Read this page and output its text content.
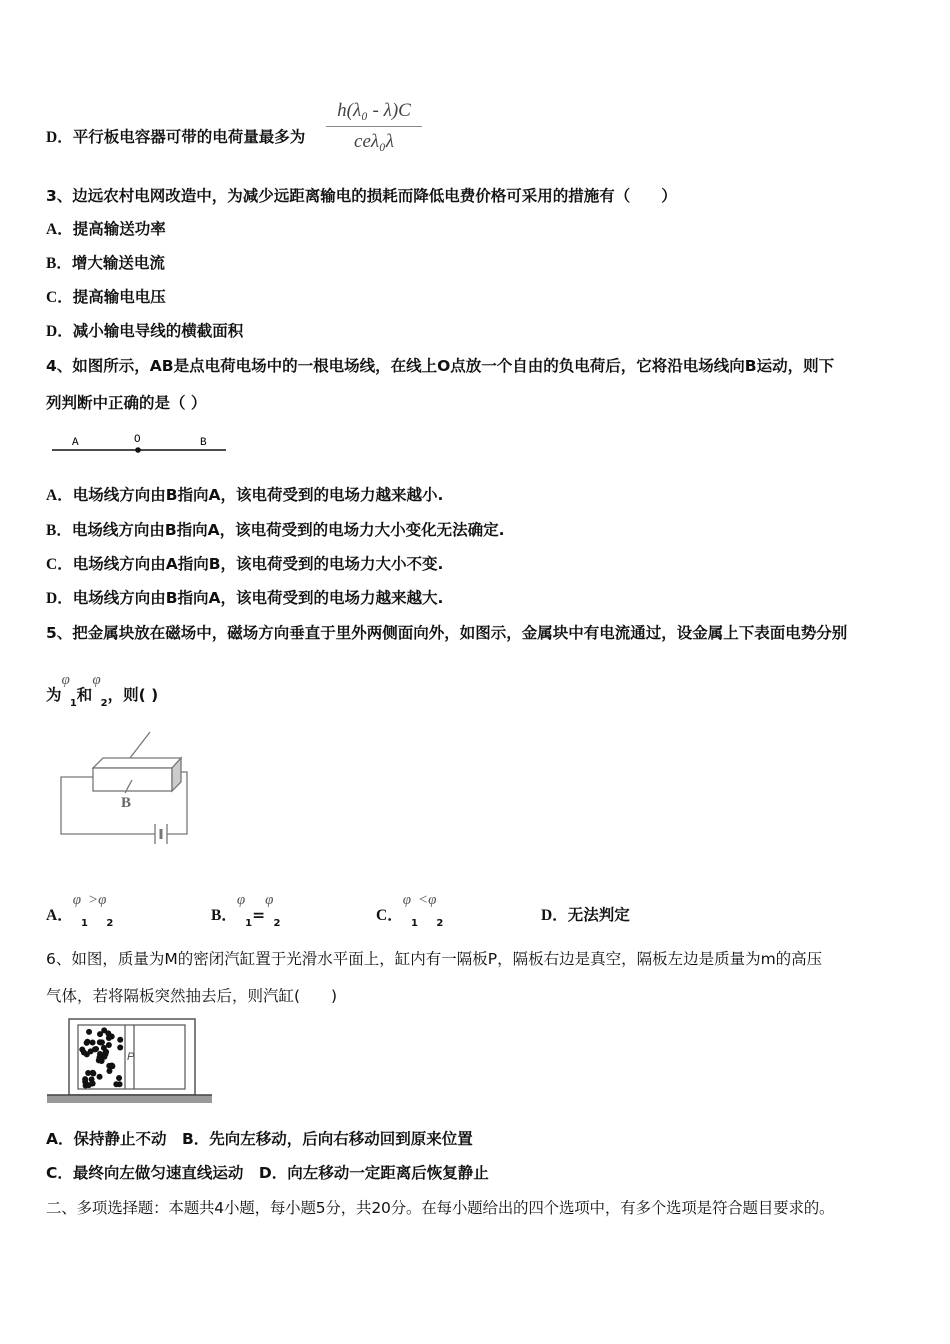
D．平行板电容器可带的电荷量最多为
h(λ₀ - λ)C
ceλ₀λ
3、边远农村电网改造中，为减少远距离输电的损耗而降低电费价格可采用的措施有（　　）
A．提高输送功率
B．增大输送电流
C．提高输电电压
D．减小输电导线的横截面积
4、如图所示，AB是点电荷电场中的一根电场线，在线上O点放一个自由的负电荷后，它将沿电场线向B运动，则下
列判断中正确的是（ ）
A	O	B
A．电场线方向由B指向A，该电荷受到的电场力越来越小.
B．电场线方向由B指向A，该电荷受到的电场力大小变化无法确定.
C．电场线方向由A指向B，该电荷受到的电场力大小不变.
D．电场线方向由B指向A，该电荷受到的电场力越来越大.
5、把金属块放在磁场中，磁场方向垂直于里外两侧面向外，如图示，金属块中有电流通过，设金属上下表面电势分别
为$\varphi_1$和$\varphi_2$，则( )
B
A．$\varphi_1>\varphi_2$	B．$\varphi_1=\varphi_2$	C．$\varphi_1<\varphi_2$	D．无法判定
6、如图，质量为M的密闭汽缸置于光滑水平面上，缸内有一隔板P，隔板右边是真空，隔板左边是质量为m的高压
气体，若将隔板突然抽去后，则汽缸(　　)
P
A．保持静止不动　B．先向左移动，后向右移动回到原来位置
C．最终向左做匀速直线运动　D．向左移动一定距离后恢复静止
二、多项选择题：本题共4小题，每小题5分，共20分。在每小题给出的四个选项中，有多个选项是符合题目要求的。
